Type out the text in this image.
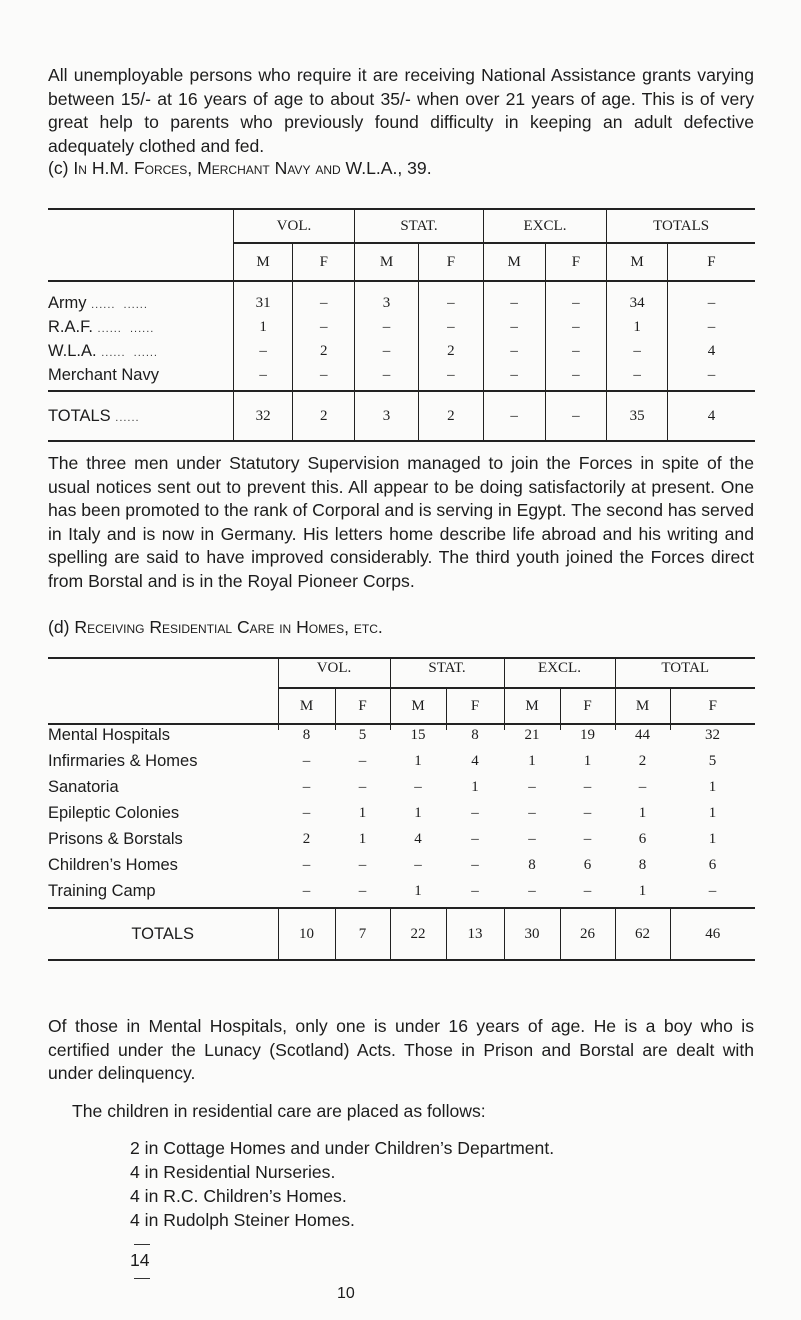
All unemployable persons who require it are receiving National Assistance grants varying between 15/- at 16 years of age to about 35/- when over 21 years of age. This is of very great help to parents who previously found difficulty in keeping an adult defective adequately clothed and fed.

(c) In H.M. Forces, Merchant Navy and W.L.A., 39.

	VOL.		STAT.		EXCL.		TOTALS	
	M	F	M	F	M	F	M	F

Army ......  ......	31	–	3	–	–	–	34	–
R.A.F. ......  ......	1	–	–	–	–	–	1	–
W.L.A. ......  ......	–	2	–	2	–	–	–	4
Merchant Navy	–	–	–	–	–	–	–	–

TOTALS ......	32	2	3	2	–	–	35	4

The three men under Statutory Supervision managed to join the Forces in spite of the usual notices sent out to prevent this. All appear to be doing satisfactorily at present. One has been promoted to the rank of Corporal and is serving in Egypt. The second has served in Italy and is now in Germany. His letters home describe life abroad and his writing and spelling are said to have improved considerably. The third youth joined the Forces direct from Borstal and is in the Royal Pioneer Corps.

(d) Receiving Residential Care in Homes, etc.

	VOL.		STAT.		EXCL.		TOTAL	

	M	F	M	F	M	F	M	F

Mental Hospitals	8	5	15	8	21	19	44	32
Infirmaries & Homes	–	–	1	4	1	1	2	5
Sanatoria	–	–	–	1	–	–	–	1
Epileptic Colonies	–	1	1	–	–	–	1	1
Prisons & Borstals	2	1	4	–	–	–	6	1
Children’s Homes	–	–	–	–	8	6	8	6
Training Camp	–	–	1	–	–	–	1	–

TOTALS	10	7	22	13	30	26	62	46

Of those in Mental Hospitals, only one is under 16 years of age. He is a boy who is certified under the Lunacy (Scotland) Acts. Those in Prison and Borstal are dealt with under delinquency.

The children in residential care are placed as follows:

2 in Cottage Homes and under Children’s Department.

4 in Residential Nurseries.

4 in R.C. Children’s Homes.

4 in Rudolph Steiner Homes.

14
10
